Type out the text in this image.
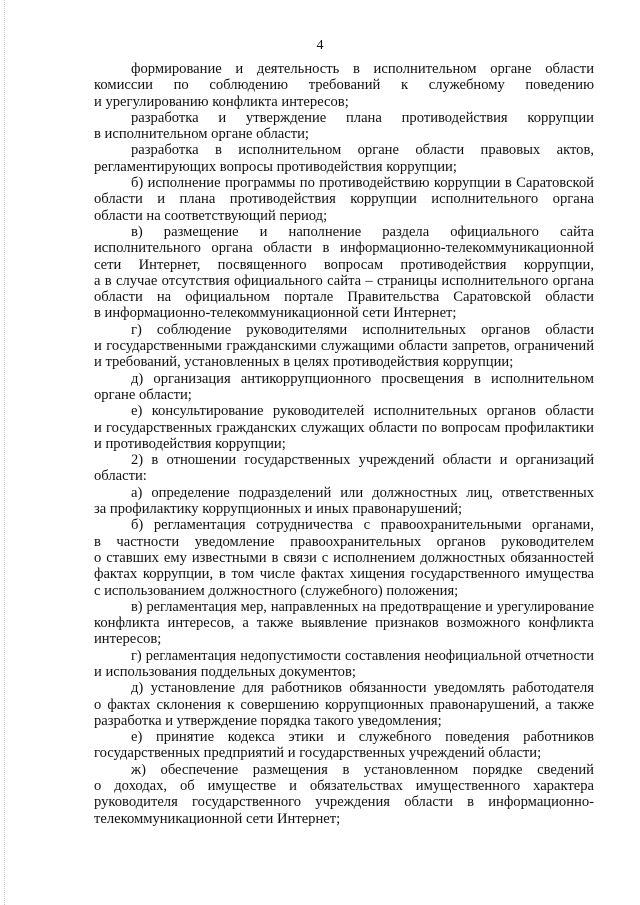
4
формирование и деятельность в исполнительном органе области
комиссии по соблюдению требований к служебному поведению
и урегулированию конфликта интересов;
разработка и утверждение плана противодействия коррупции
в исполнительном органе области;
разработка в исполнительном органе области правовых актов,
регламентирующих вопросы противодействия коррупции;
б) исполнение программы по противодействию коррупции в Саратовской
области и плана противодействия коррупции исполнительного органа
области на соответствующий период;
в) размещение и наполнение раздела официального сайта
исполнительного органа области в информационно-телекоммуникационной
сети Интернет, посвященного вопросам противодействия коррупции,
а в случае отсутствия официального сайта – страницы исполнительного органа
области на официальном портале Правительства Саратовской области
в информационно-телекоммуникационной сети Интернет;
г) соблюдение руководителями исполнительных органов области
и государственными гражданскими служащими области запретов, ограничений
и требований, установленных в целях противодействия коррупции;
д) организация антикоррупционного просвещения в исполнительном
органе области;
е) консультирование руководителей исполнительных органов области
и государственных гражданских служащих области по вопросам профилактики
и противодействия коррупции;
2) в отношении государственных учреждений области и организаций
области:
а) определение подразделений или должностных лиц, ответственных
за профилактику коррупционных и иных правонарушений;
б) регламентация сотрудничества с правоохранительными органами,
в частности уведомление правоохранительных органов руководителем
о ставших ему известными в связи с исполнением должностных обязанностей
фактах коррупции, в том числе фактах хищения государственного имущества
с использованием должностного (служебного) положения;
в) регламентация мер, направленных на предотвращение и урегулирование
конфликта интересов, а также выявление признаков возможного конфликта
интересов;
г) регламентация недопустимости составления неофициальной отчетности
и использования поддельных документов;
д) установление для работников обязанности уведомлять работодателя
о фактах склонения к совершению коррупционных правонарушений, а также
разработка и утверждение порядка такого уведомления;
е) принятие кодекса этики и служебного поведения работников
государственных предприятий и государственных учреждений области;
ж) обеспечение размещения в установленном порядке сведений
о доходах, об имуществе и обязательствах имущественного характера
руководителя государственного учреждения области в информационно-
телекоммуникационной сети Интернет;
